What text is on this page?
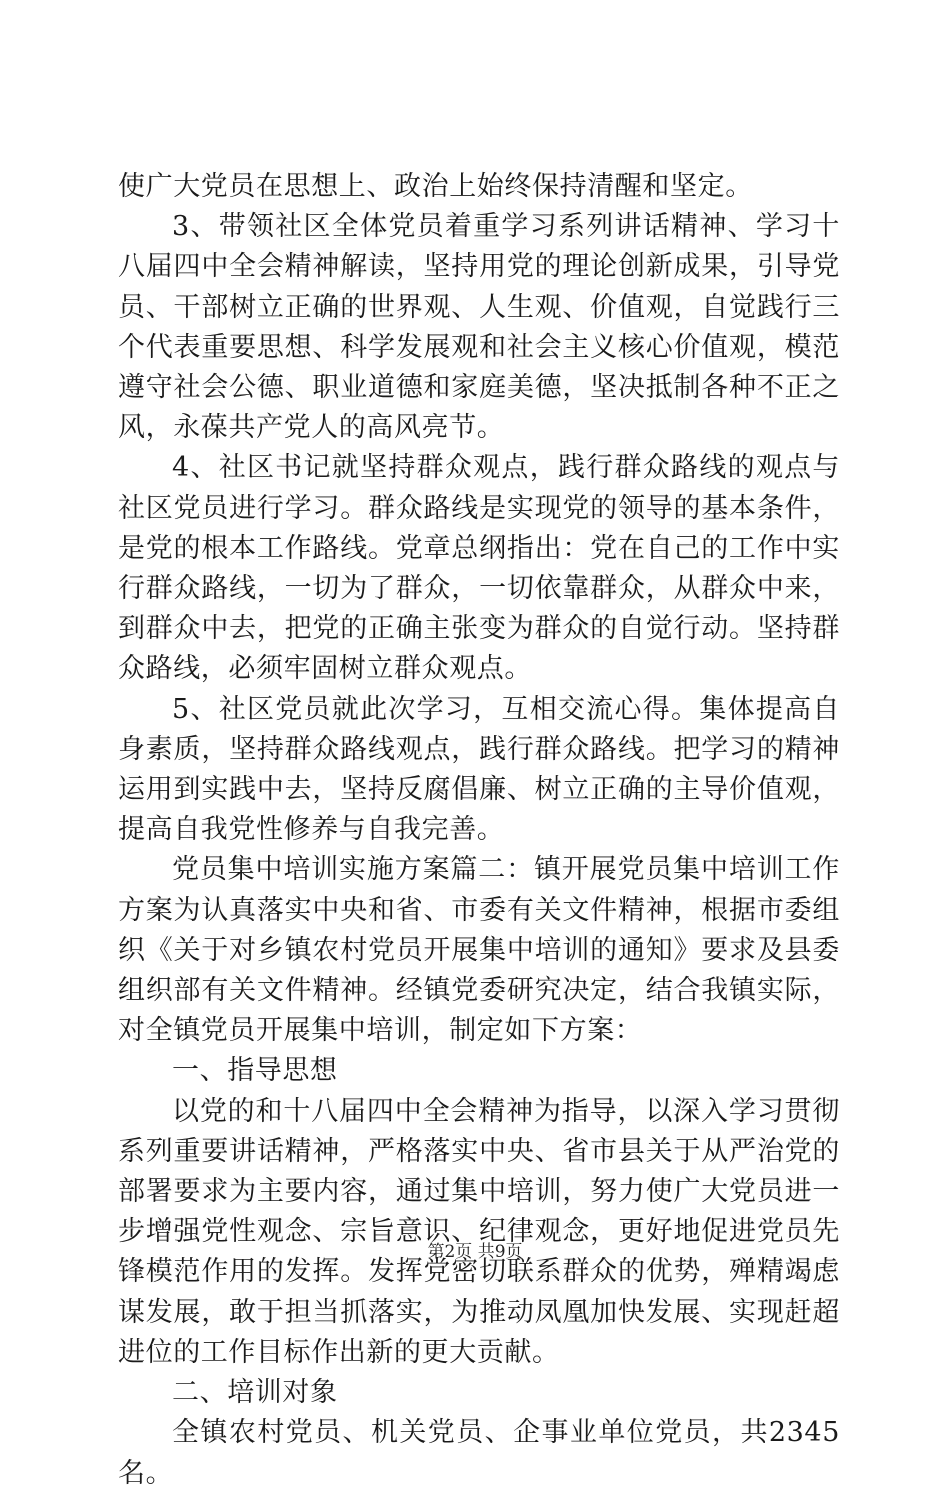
使广大党员在思想上、政治上始终保持清醒和坚定。

3、带领社区全体党员着重学习系列讲话精神、学习十八届四中全会精神解读，坚持用党的理论创新成果，引导党员、干部树立正确的世界观、人生观、价值观，自觉践行三个代表重要思想、科学发展观和社会主义核心价值观，模范遵守社会公德、职业道德和家庭美德，坚决抵制各种不正之风，永葆共产党人的高风亮节。

4、社区书记就坚持群众观点，践行群众路线的观点与社区党员进行学习。群众路线是实现党的领导的基本条件，是党的根本工作路线。党章总纲指出：党在自己的工作中实行群众路线，一切为了群众，一切依靠群众，从群众中来，到群众中去，把党的正确主张变为群众的自觉行动。坚持群众路线，必须牢固树立群众观点。

5、社区党员就此次学习，互相交流心得。集体提高自身素质，坚持群众路线观点，践行群众路线。把学习的精神运用到实践中去，坚持反腐倡廉、树立正确的主导价值观，提高自我党性修养与自我完善。

党员集中培训实施方案篇二：镇开展党员集中培训工作方案为认真落实中央和省、市委有关文件精神，根据市委组织《关于对乡镇农村党员开展集中培训的通知》要求及县委组织部有关文件精神。经镇党委研究决定，结合我镇实际，对全镇党员开展集中培训，制定如下方案：

一、指导思想

以党的和十八届四中全会精神为指导，以深入学习贯彻系列重要讲话精神，严格落实中央、省市县关于从严治党的部署要求为主要内容，通过集中培训，努力使广大党员进一步增强党性观念、宗旨意识、纪律观念，更好地促进党员先锋模范作用的发挥。发挥党密切联系群众的优势，殚精竭虑谋发展，敢于担当抓落实，为推动凤凰加快发展、实现赶超进位的工作目标作出新的更大贡献。

二、培训对象

全镇农村党员、机关党员、企事业单位党员，共2345名。

第2页 共9页
